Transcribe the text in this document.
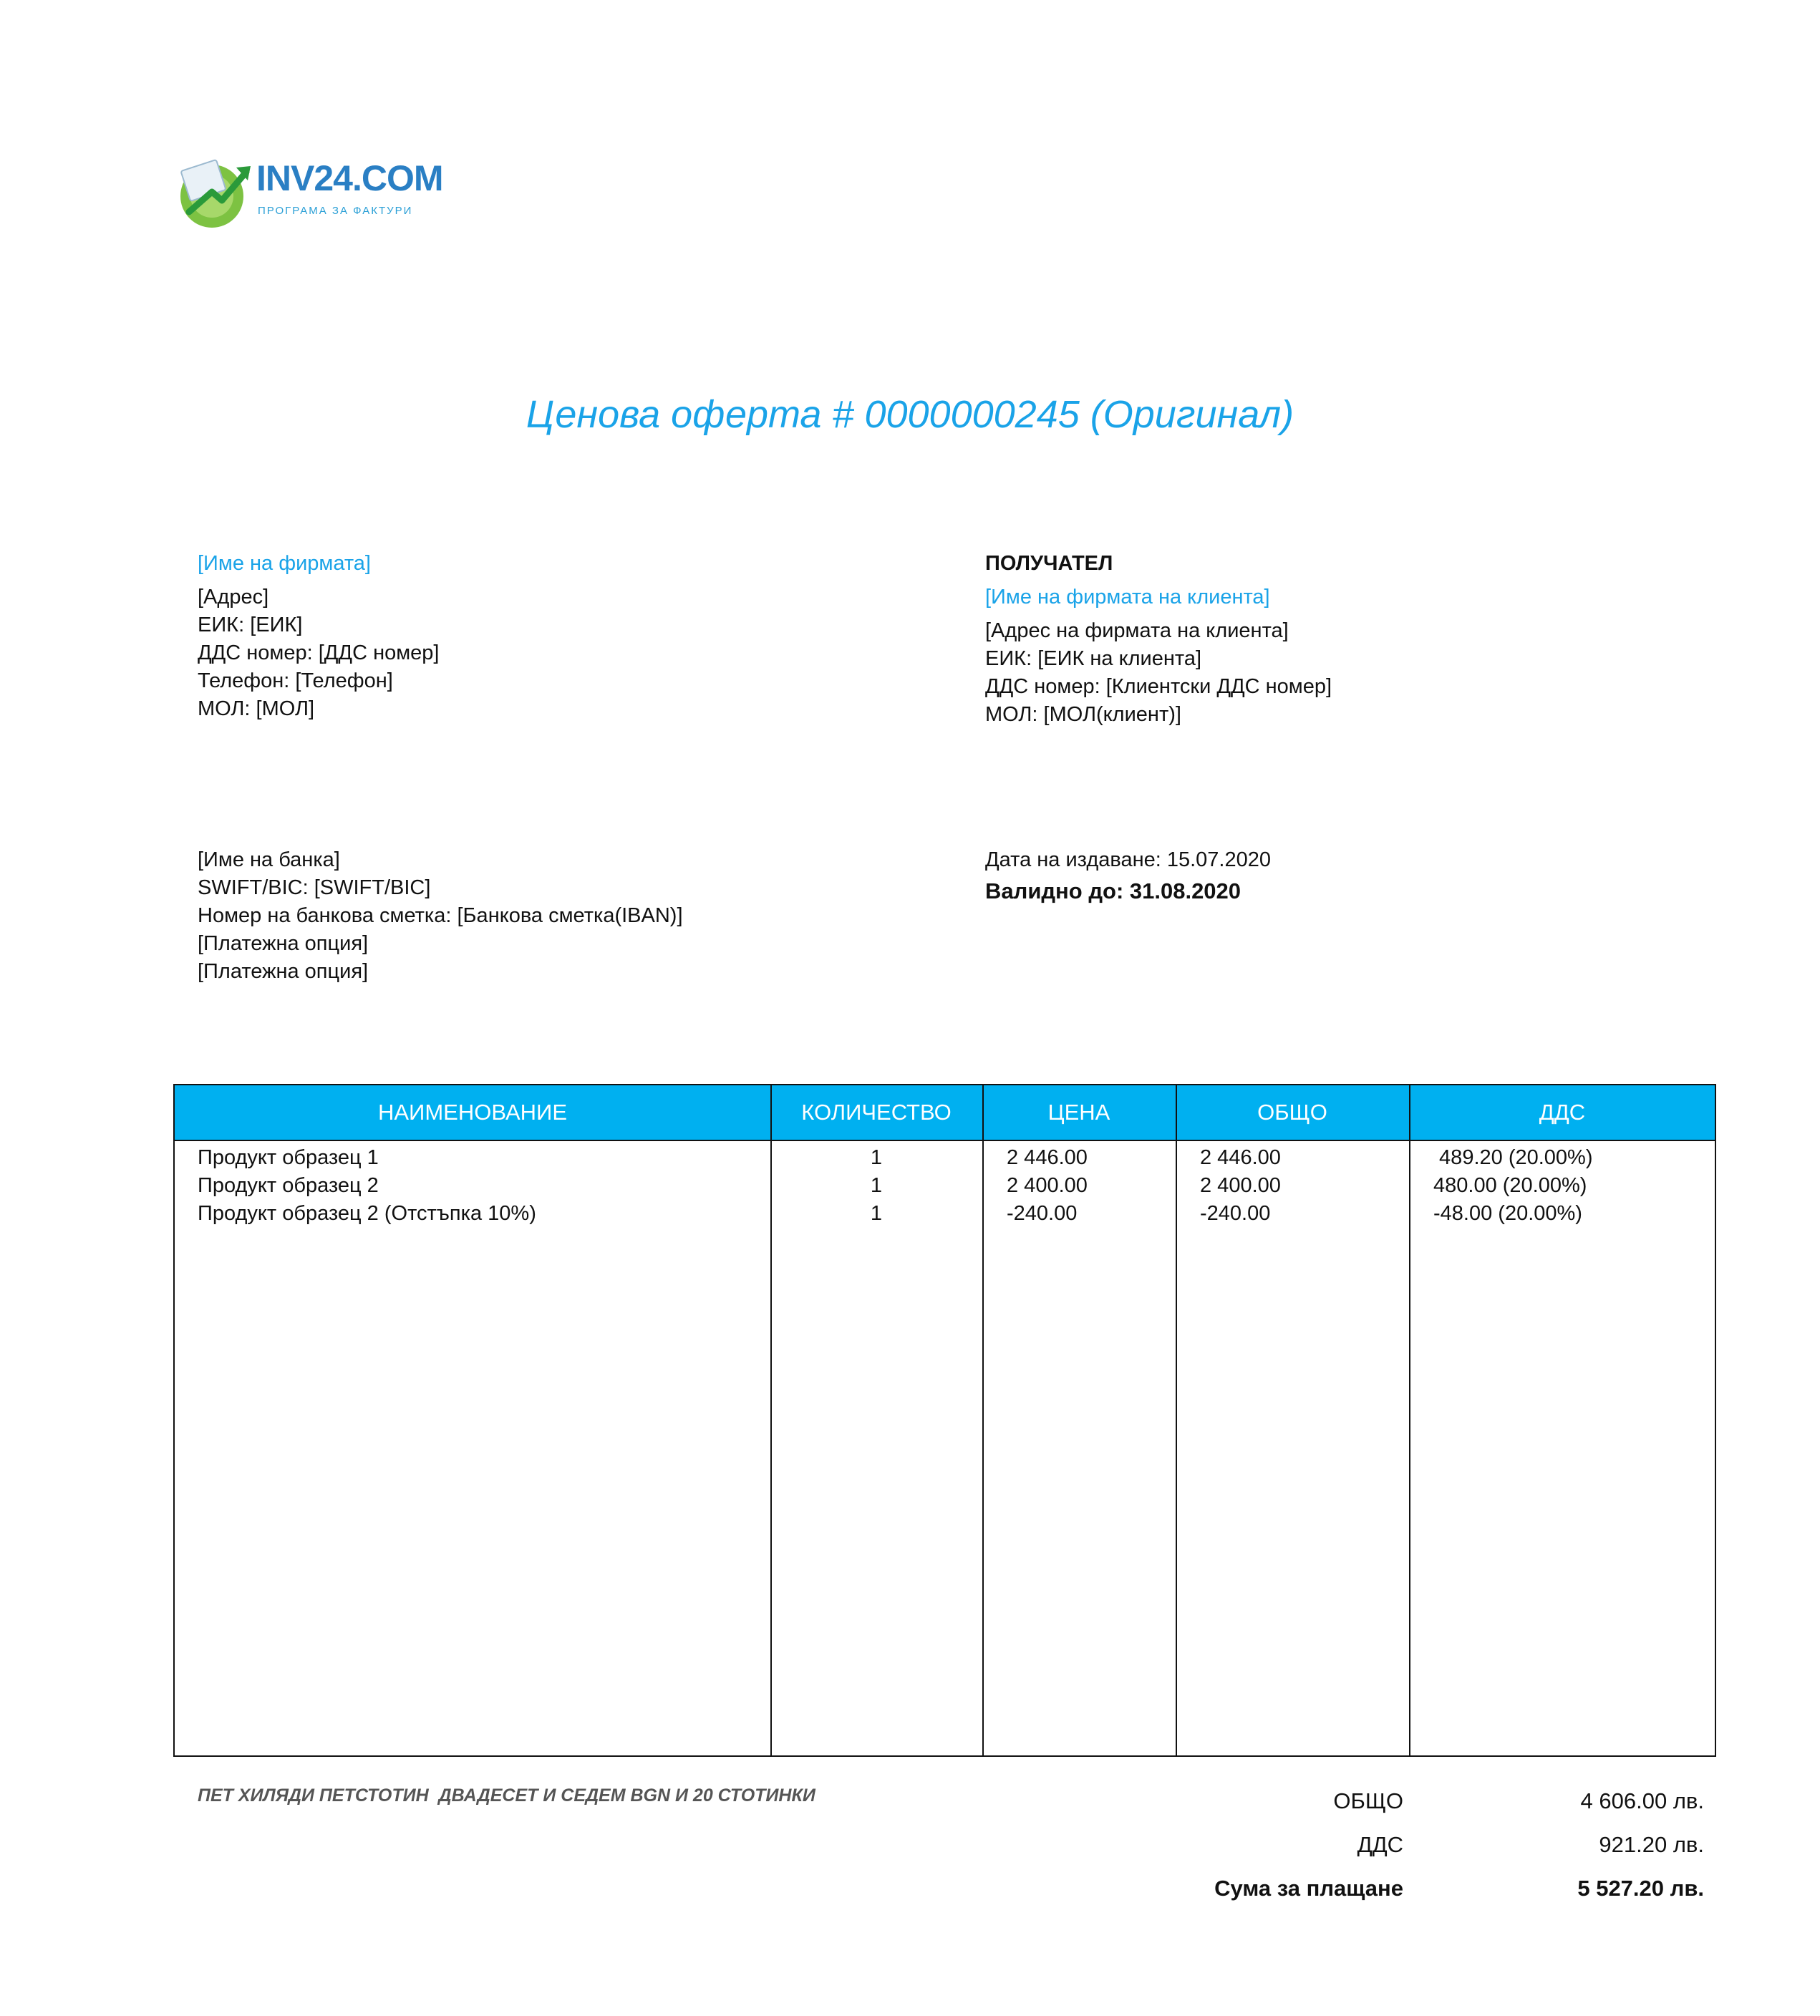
INV24.COM
ПРОГРАМА ЗА ФАКТУРИ
Ценова оферта # 0000000245 (Оригинал)
[Име на фирмата]
[Адрес]
ЕИК: [ЕИК]
ДДС номер: [ДДС номер]
Телефон: [Телефон]
МОЛ: [МОЛ]
ПОЛУЧАТЕЛ
[Име на фирмата на клиента]
[Адрес на фирмата на клиента]
ЕИК: [ЕИК на клиента]
ДДС номер: [Клиентски ДДС номер]
МОЛ: [МОЛ(клиент)]
[Име на банка]
SWIFT/BIC: [SWIFT/BIC]
Номер на банкова сметка: [Банкова сметка(IBAN)]
[Платежна опция]
[Платежна опция]
Дата на издаване: 15.07.2020
Валидно до: 31.08.2020
НАИМЕНОВАНИЕ	КОЛИЧЕСТВО	ЦЕНА	ОБЩО	ДДС
Продукт образец 1	1	2 446.00	2 446.00	489.20 (20.00%)
Продукт образец 2	1	2 400.00	2 400.00	480.00 (20.00%)
Продукт образец 2 (Отстъпка 10%)	1	-240.00	-240.00	-48.00 (20.00%)
ПЕТ ХИЛЯДИ ПЕТСТОТИН  ДВАДЕСЕТ И СЕДЕМ BGN И 20 СТОТИНКИ	ОБЩО	4 606.00 лв.
ДДС	921.20 лв.
Сума за плащане	5 527.20 лв.
